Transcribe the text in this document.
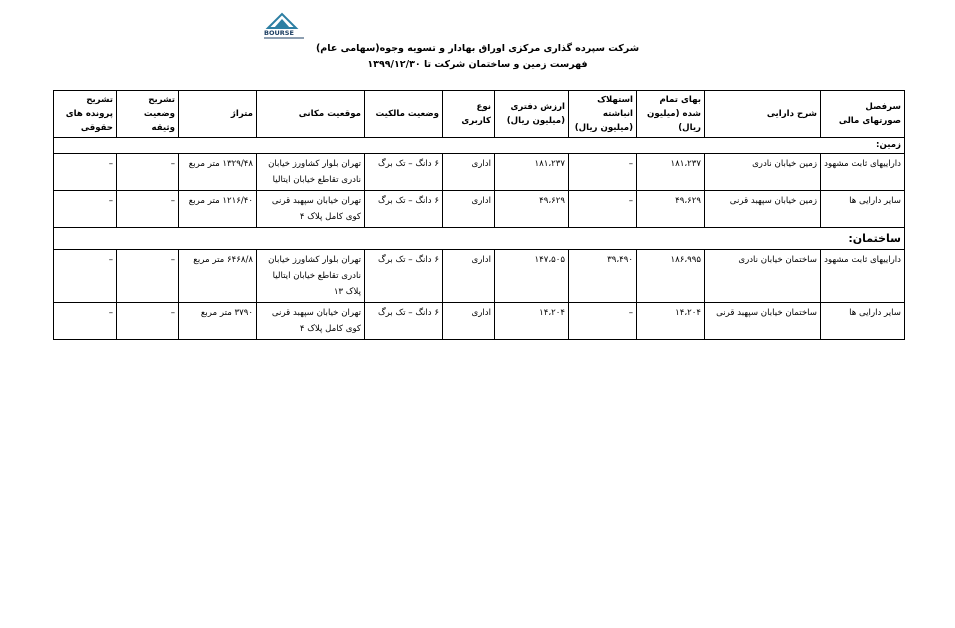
BOURSE
شرکت سپرده گذاری مرکزی اوراق بهادار و تسویه وجوه(سهامی عام)
فهرست زمین و ساختمان شرکت تا ۱۳۹۹/۱۲/۳۰
سرفصل صورتهای مالی	شرح دارایی	بهای تمام شده (میلیون ریال)	استهلاک انباشته (میلیون ریال)	ارزش دفتری (میلیون ریال)	نوع کاربری	وضعیت مالکیت	موقعیت مکانی	متراژ	تشریح وضعیت وثیقه	تشریح پرونده های حقوقی
زمین:										
داراییهای ثابت مشهود	زمین خیابان نادری	۱۸۱،۲۳۷	–	۱۸۱،۲۳۷	اداری	۶ دانگ – تک برگ	تهران بلوار کشاورز خیابان نادری تقاطع خیابان ایتالیا	۱۳۲۹/۴۸ متر مربع	–	–
سایر دارایی ها	زمین خیابان سپهبد قرنی	۴۹،۶۲۹	–	۴۹،۶۲۹	اداری	۶ دانگ – تک برگ	تهران خیابان سپهبد قرنی کوی کامل پلاک ۴	۱۲۱۶/۴۰ متر مربع	–	–
ساختمان:										
داراییهای ثابت مشهود	ساختمان خیابان نادری	۱۸۶،۹۹۵	۳۹،۴۹۰	۱۴۷،۵۰۵	اداری	۶ دانگ – تک برگ	تهران بلوار کشاورز خیابان نادری تقاطع خیابان ایتالیا پلاک ۱۳	۶۴۶۸/۸ متر مربع	–	–
سایر دارایی ها	ساختمان خیابان سپهبد قرنی	۱۴،۲۰۴	–	۱۴،۲۰۴	اداری	۶ دانگ – تک برگ	تهران خیابان سپهبد قرنی کوی کامل پلاک ۴	۳۷۹۰ متر مربع	–	–
